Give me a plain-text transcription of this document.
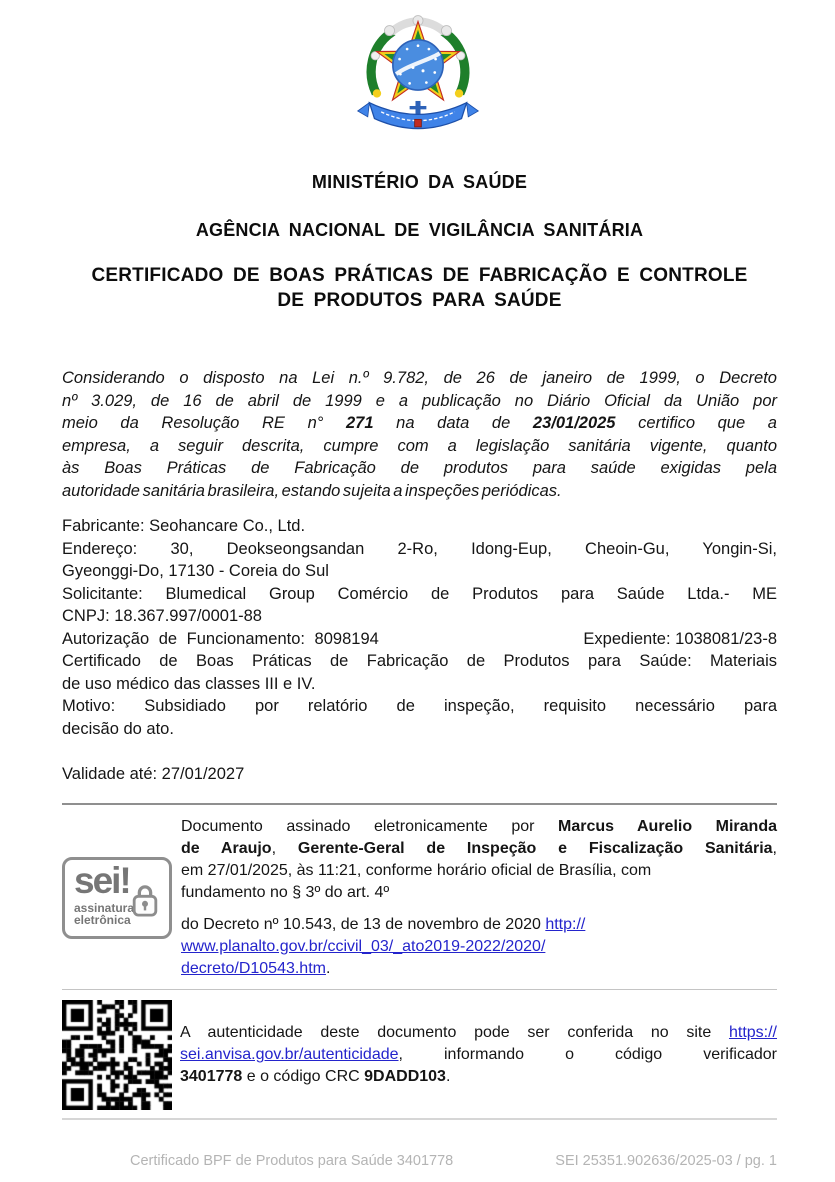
MINISTÉRIO DA SAÚDE
AGÊNCIA NACIONAL DE VIGILÂNCIA SANITÁRIA
CERTIFICADO DE BOAS PRÁTICAS DE FABRICAÇÃO E CONTROLE
DE PRODUTOS PARA SAÚDE
Considerando o disposto na Lei n.º 9.782, de 26 de janeiro de 1999, o Decreto
nº 3.029, de 16 de abril de 1999 e a publicação no Diário Oficial da União por
meio da Resolução RE n° 271 na data de 23/01/2025 certifico que a
empresa, a seguir descrita, cumpre com a legislação sanitária vigente, quanto
às Boas Práticas de Fabricação de produtos para saúde exigidas pela
autoridade sanitária brasileira, estando sujeita a inspeções periódicas.
Fabricante: Seohancare Co., Ltd.
Endereço: 30, Deokseongsandan 2-Ro, Idong-Eup, Cheoin-Gu, Yongin-Si,
Gyeonggi-Do, 17130 - Coreia do Sul
Solicitante: Blumedical Group Comércio de Produtos para Saúde Ltda.- ME
CNPJ: 18.367.997/0001-88
Autorização de Funcionamento: 8098194	Expediente: 1038081/23-8
Certificado de Boas Práticas de Fabricação de Produtos para Saúde: Materiais
de uso médico das classes III e IV.
Motivo: Subsidiado por relatório de inspeção, requisito necessário para
decisão do ato.
Validade até: 27/01/2027
sei!
assinatura
eletrônica
Documento assinado eletronicamente por Marcus Aurelio Miranda
de Araujo, Gerente-Geral de Inspeção e Fiscalização Sanitária,
em 27/01/2025, às 11:21, conforme horário oficial de Brasília, com
fundamento no § 3º do art. 4º
do Decreto nº 10.543, de 13 de novembro de 2020 http://
www.planalto.gov.br/ccivil_03/_ato2019-2022/2020/
decreto/D10543.htm.
A autenticidade deste documento pode ser conferida no site https://
sei.anvisa.gov.br/autenticidade, informando o código verificador
3401778 e o código CRC 9DADD103.
Certificado BPF de Produtos para Saúde 3401778	SEI 25351.902636/2025-03 / pg. 1
